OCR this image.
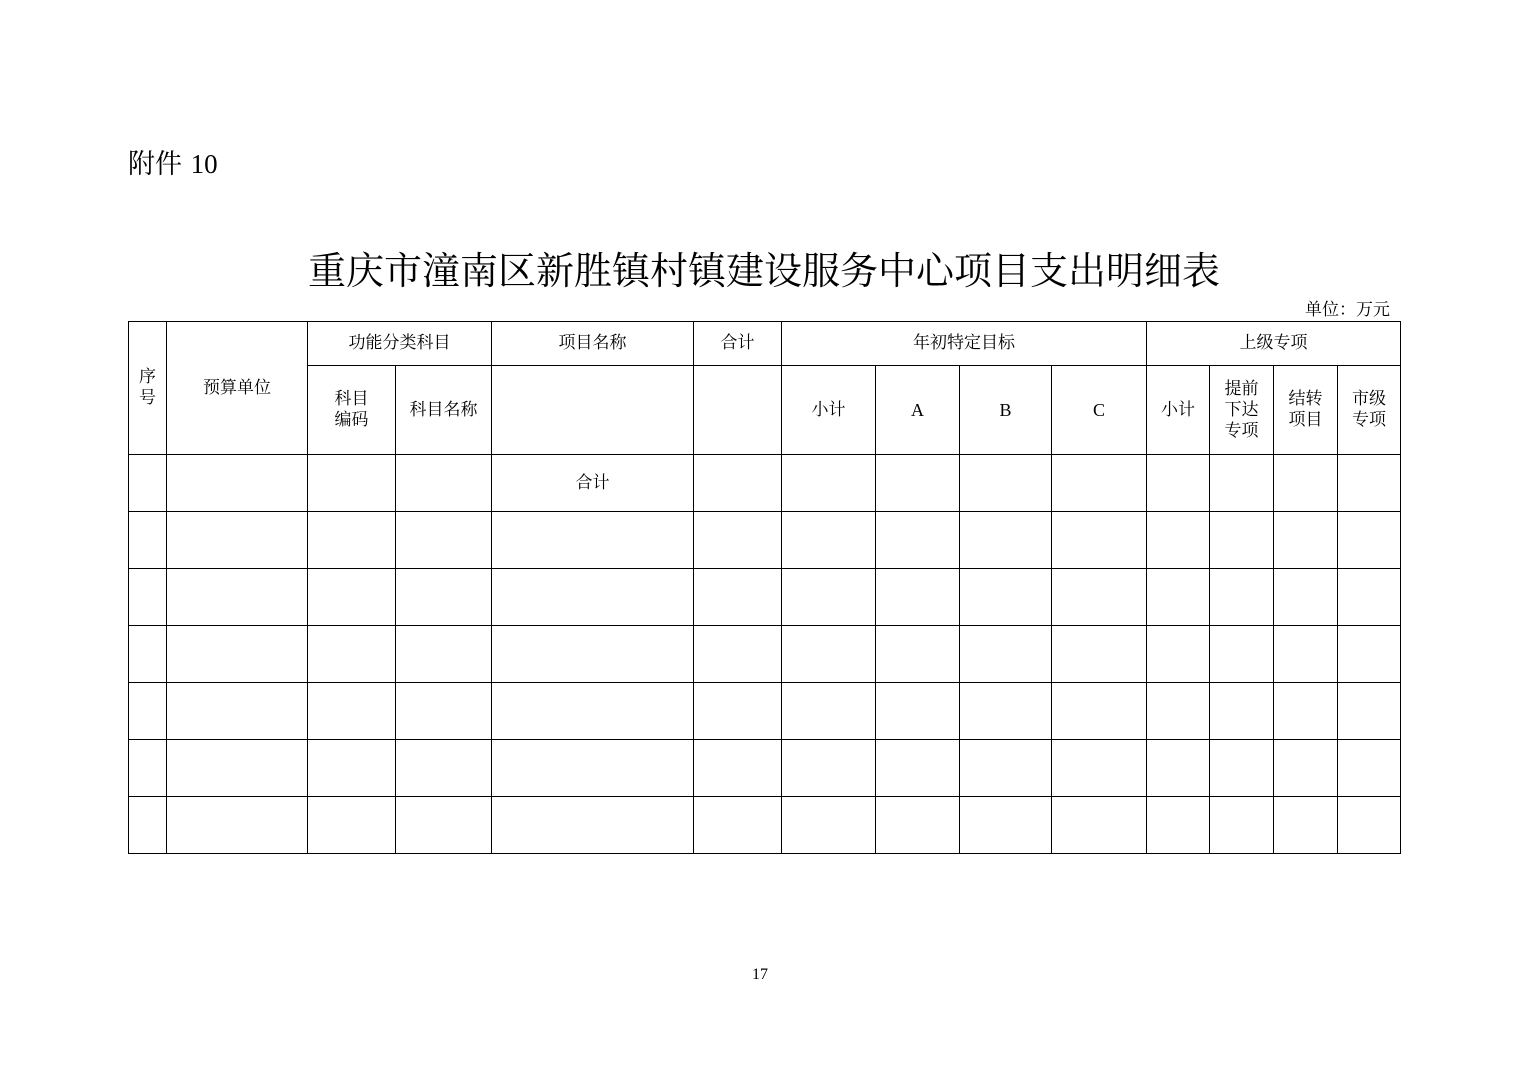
附件 10
重庆市潼南区新胜镇村镇建设服务中心项目支出明细表
单位：万元
序号	预算单位	功能分类科目		项目名称	合计	年初特定目标				上级专项			
		科目编码	科目名称			小计	A	B	C	小计	提前下达专项	结转项目	市级专项
				合计									

17
